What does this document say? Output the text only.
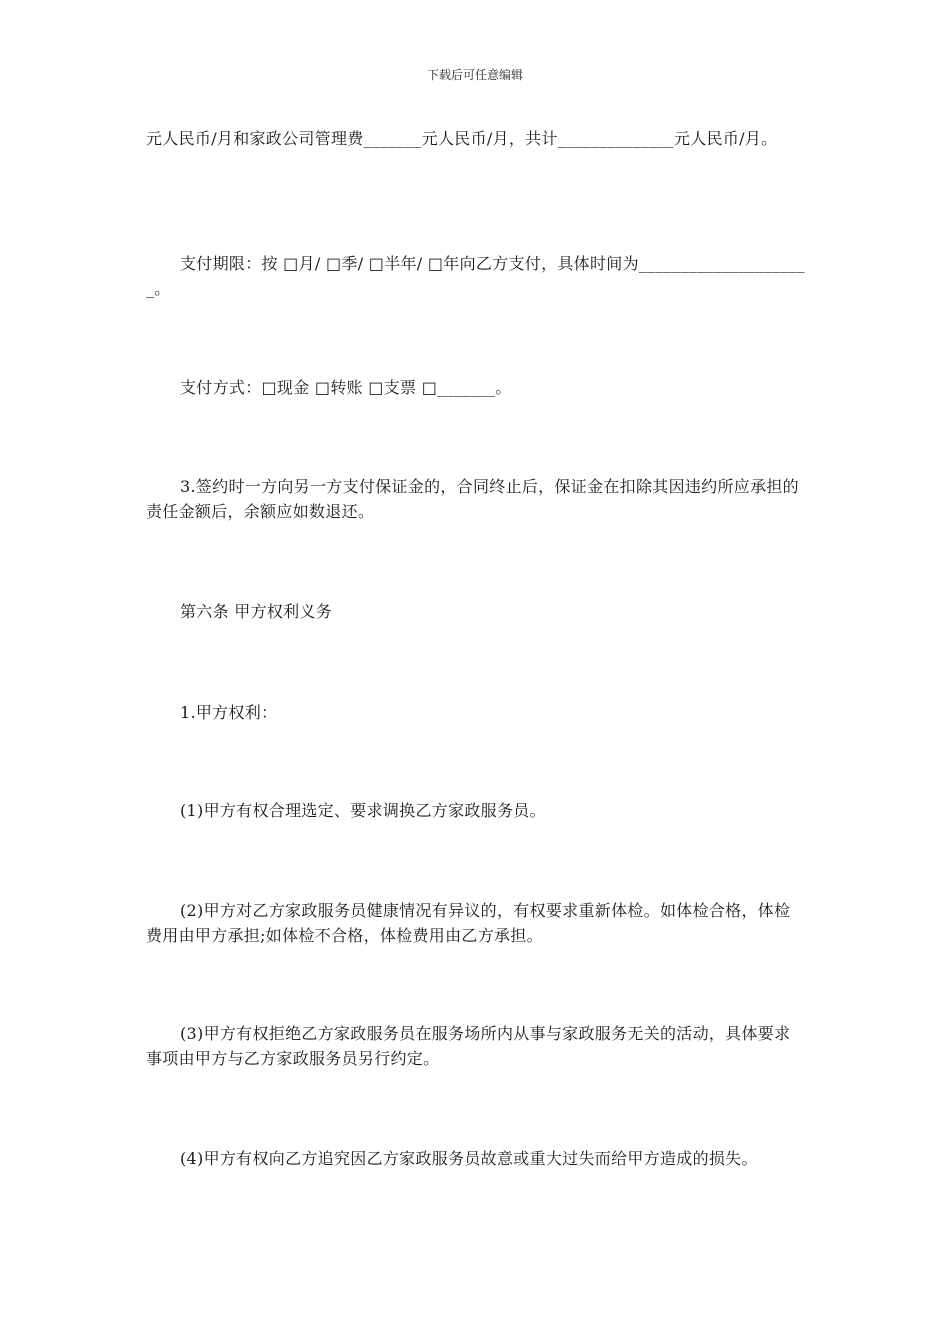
下载后可任意编辑
元人民币/月和家政公司管理费_______元人民币/月，共计______________元人民币/月。
支付期限：按 □月/ □季/ □半年/ □年向乙方支付，具体时间为_____________________。
支付方式：□现金 □转账 □支票 □_______。
3.签约时一方向另一方支付保证金的，合同终止后，保证金在扣除其因违约所应承担的责任金额后，余额应如数退还。
第六条 甲方权利义务
1.甲方权利：
(1)甲方有权合理选定、要求调换乙方家政服务员。
(2)甲方对乙方家政服务员健康情况有异议的，有权要求重新体检。如体检合格，体检费用由甲方承担;如体检不合格，体检费用由乙方承担。
(3)甲方有权拒绝乙方家政服务员在服务场所内从事与家政服务无关的活动，具体要求事项由甲方与乙方家政服务员另行约定。
(4)甲方有权向乙方追究因乙方家政服务员故意或重大过失而给甲方造成的损失。
